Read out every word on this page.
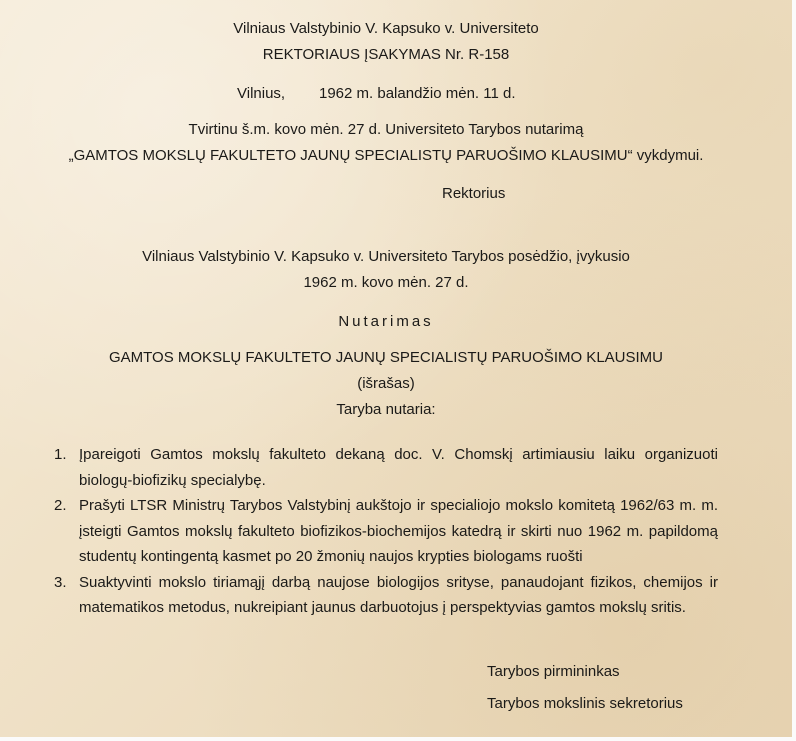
Vilniaus Valstybinio V. Kapsuko v. Universiteto
REKTORIAUS ĮSAKYMAS Nr. R-158
Vilnius, 1962 m. balandžio mėn. 11 d.
Tvirtinu š.m. kovo mėn. 27 d. Universiteto Tarybos nutarimą
„GAMTOS MOKSLŲ FAKULTETO JAUNŲ SPECIALISTŲ PARUOŠIMO KLAUSIMU“ vykdymui.
Rektorius
Vilniaus Valstybinio V. Kapsuko v. Universiteto Tarybos posėdžio, įvykusio
1962 m. kovo mėn. 27 d.
Nutarimas
GAMTOS MOKSLŲ FAKULTETO JAUNŲ SPECIALISTŲ PARUOŠIMO KLAUSIMU
(išrašas)
Taryba nutaria:
1. Įpareigoti Gamtos mokslų fakulteto dekaną doc. V. Chomskį artimiausiu laiku organizuoti biologų-biofizikų specialybę.
2. Prašyti LTSR Ministrų Tarybos Valstybinį aukštojo ir specialiojo mokslo komitetą 1962/63 m. m. įsteigti Gamtos mokslų fakulteto biofizikos-biochemijos katedrą ir skirti nuo 1962 m. papildomą studentų kontingentą kasmet po 20 žmonių naujos krypties biologams ruošti
3. Suaktyvinti mokslo tiriamąjį darbą naujose biologijos srityse, panaudojant fizikos, chemijos ir matematikos metodus, nukreipiant jaunus darbuotojus į perspektyvias gamtos mokslų sritis.
Tarybos pirmininkas
Tarybos mokslinis sekretorius
